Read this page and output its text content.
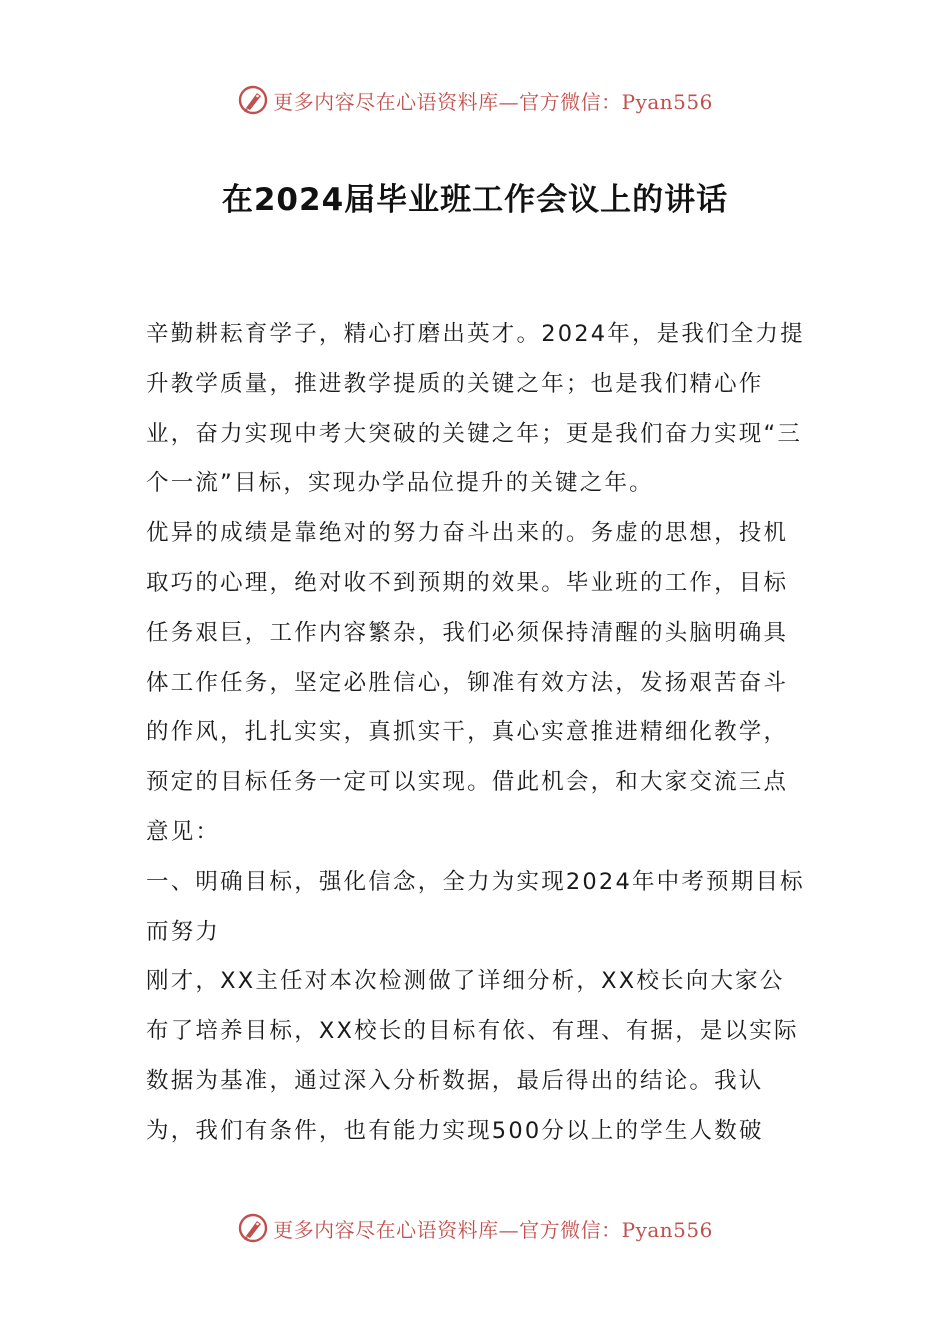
更多内容尽在心语资料库—官方微信：Pyan556
在2024届毕业班工作会议上的讲话

辛勤耕耘育学子，精心打磨出英才。2024年，是我们全力提升教学质量，推进教学提质的关键之年；也是我们精心作业，奋力实现中考大突破的关键之年；更是我们奋力实现“三个一流”目标，实现办学品位提升的关键之年。

优异的成绩是靠绝对的努力奋斗出来的。务虚的思想，投机取巧的心理，绝对收不到预期的效果。毕业班的工作，目标任务艰巨，工作内容繁杂，我们必须保持清醒的头脑明确具体工作任务，坚定必胜信心，铆准有效方法，发扬艰苦奋斗的作风，扎扎实实，真抓实干，真心实意推进精细化教学，预定的目标任务一定可以实现。借此机会，和大家交流三点意见：

一、明确目标，强化信念，全力为实现2024年中考预期目标而努力

刚才，XX主任对本次检测做了详细分析，XX校长向大家公布了培养目标，XX校长的目标有依、有理、有据，是以实际数据为基准，通过深入分析数据，最后得出的结论。我认为，我们有条件，也有能力实现500分以上的学生人数破

更多内容尽在心语资料库—官方微信：Pyan556
